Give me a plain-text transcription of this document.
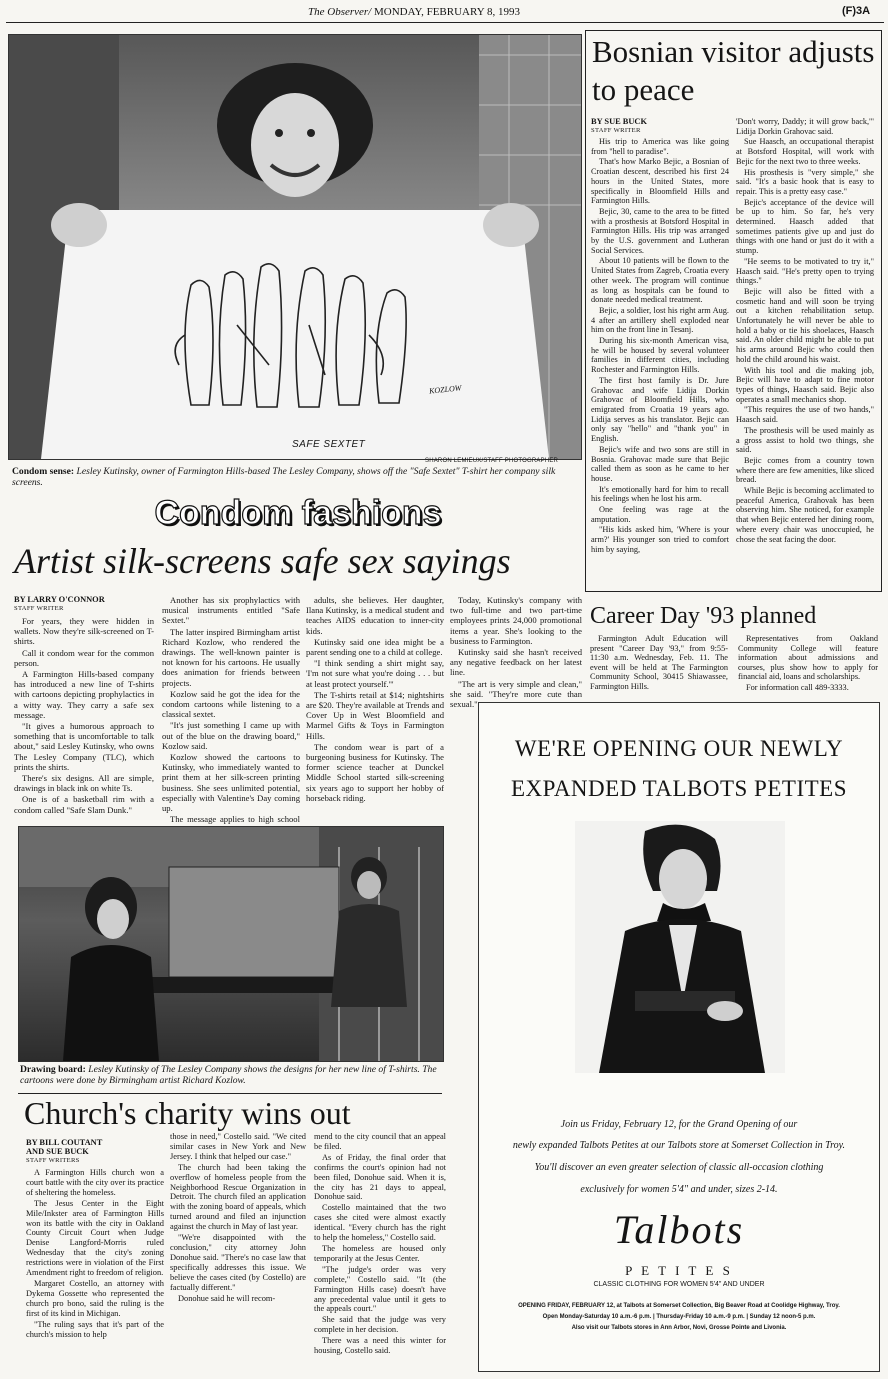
The Observer/ MONDAY, FEBRUARY 8, 1993	(F)3A
SAFE SEXTET
KOZLOW
SHARON LEMIEUX/STAFF PHOTOGRAPHER
Condom sense: Lesley Kutinsky, owner of Farmington Hills-based The Lesley Company, shows off the "Safe Sextet" T-shirt her company silk screens.
Condom fashions
Artist silk-screens safe sex sayings
BY LARRY O'CONNOR
STAFF WRITER

For years, they were hidden in wallets. Now they're silk-screened on T-shirts.

Call it condom wear for the common person.

A Farmington Hills-based company has introduced a new line of T-shirts with cartoons depicting prophylactics in a witty way. They carry a safe sex message.

"It gives a humorous approach to something that is uncomfortable to talk about," said Lesley Kutinsky, who owns The Lesley Company (TLC), which prints the shirts.

There's six designs. All are simple, drawings in black ink on white Ts.

One is of a basketball rim with a condom called "Safe Slam Dunk."

Another has six prophylactics with musical instruments entitled "Safe Sextet."

The latter inspired Birmingham artist Richard Kozlow, who rendered the drawings. The well-known painter is not known for his cartoons. He usually does animation for friends between projects.

Kozlow said he got the idea for the condom cartoons while listening to a classical sextet.

"It's just something I came up with out of the blue on the drawing board," Kozlow said.

Kozlow showed the cartoons to Kutinsky, who immediately wanted to print them at her silk-screen printing business. She sees unlimited potential, especially with Valentine's Day coming up.

The message applies to high school

adults, she believes. Her daughter, Ilana Kutinsky, is a medical student and teaches AIDS education to inner-city kids.

Kutinsky said one idea might be a parent sending one to a child at college.

"I think sending a shirt might say, 'I'm not sure what you're doing . . . but at least protect yourself.'"

The T-shirts retail at $14; nightshirts are $20. They're available at Trends and Cover Up in West Bloomfield and Marmel Gifts & Toys in Farmington Hills.

The condom wear is part of a burgeoning business for Kutinsky. The former science teacher at Dunckel Middle School started silk-screening six years ago to support her hobby of horseback riding.

Today, Kutinsky's company with two full-time and two part-time employees prints 24,000 promotional items a year. She's looking to the business to Farmington.

Kutinsky said she hasn't received any negative feedback on her latest line.

"The art is very simple and clean," she said. "They're more cute than sexual."

Drawing board: Lesley Kutinsky of The Lesley Company shows the designs for her new line of T-shirts. The cartoons were done by Birmingham artist Richard Kozlow.
Bosnian visitor adjusts to peace
BY SUE BUCK
STAFF WRITER

His trip to America was like going from "hell to paradise".

That's how Marko Bejic, a Bosnian of Croatian descent, described his first 24 hours in the United States, more specifically in Bloomfield Hills and Farmington Hills.

Bejic, 30, came to the area to be fitted with a prosthesis at Botsford Hospital in Farmington Hills. His trip was arranged by the U.S. government and Lutheran Social Services.

About 10 patients will be flown to the United States from Zagreb, Croatia every other week. The program will continue as long as hospitals can be found to donate needed medical treatment.

Bejic, a soldier, lost his right arm Aug. 4 after an artillery shell exploded near him on the front line in Tesanj.

During his six-month American visa, he will be housed by several volunteer families in different cities, including Rochester and Farmington Hills.

The first host family is Dr. Jure Grahovac and wife Lidija Dorkin Grahovac of Bloomfield Hills, who emigrated from Croatia 19 years ago. Lidija serves as his translator. Bejic can only say "hello" and "thank you" in English.

Bejic's wife and two sons are still in Bosnia. Grahovac made sure that Bejic called them as soon as he came to her house.

It's emotionally hard for him to recall his feelings when he lost his arm.

One feeling was rage at the amputation.

"His kids asked him, 'Where is your arm?' His younger son tried to comfort him by saying,

'Don't worry, Daddy; it will grow back,'" Lidija Dorkin Grahovac said.

Sue Haasch, an occupational therapist at Botsford Hospital, will work with Bejic for the next two to three weeks.

His prosthesis is "very simple," she said. "It's a basic hook that is easy to repair. This is a pretty easy case."

Bejic's acceptance of the device will be up to him. So far, he's very determined. Haasch added that sometimes patients give up and just do things with one hand or just do it with a stump.

"He seems to be motivated to try it," Haasch said. "He's pretty open to trying things."

Bejic will also be fitted with a cosmetic hand and will soon be trying out a kitchen rehabilitation setup. Unfortunately he will never be able to hold a baby or tie his shoelaces, Haasch said. An older child might be able to put his arms around Bejic who could then hold the child around his waist.

With his tool and die making job, Bejic will have to adapt to fine motor types of things, Haasch said. Bejic also operates a small mechanics shop.

"This requires the use of two hands," Haasch said.

The prosthesis will be used mainly as a gross assist to hold two things, she said.

Bejic comes from a country town where there are few amenities, like sliced bread.

While Bejic is becoming acclimated to peaceful America, Grahovak has been observing him. She noticed, for example that when Bejic entered her dining room, where every chair was unoccupied, he chose the seat facing the door.

Career Day '93 planned

Farmington Adult Education will present "Career Day '93," from 9:55-11:30 a.m. Wednesday, Feb. 11. The event will be held at The Farmington Community School, 30415 Shiawassee, Farmington Hills.

Representatives from Oakland Community College will feature information about admissions and courses, plus show how to apply for financial aid, loans and scholarships.

For information call 489-3333.

Church's charity wins out
BY BILL COUTANT
AND SUE BUCK
STAFF WRITERS

A Farmington Hills church won a court battle with the city over its practice of sheltering the homeless.

The Jesus Center in the Eight Mile/Inkster area of Farmington Hills won its battle with the city in Oakland County Circuit Court when Judge Denise Langford-Morris ruled Wednesday that the city's zoning restrictions were in violation of the First Amendment right to freedom of religion.

Margaret Costello, an attorney with Dykema Gossette who represented the church pro bono, said the ruling is the first of its kind in Michigan.

"The ruling says that it's part of the church's mission to help

those in need," Costello said. "We cited similar cases in New York and New Jersey. I think that helped our case."

The church had been taking the overflow of homeless people from the Neighborhood Rescue Organization in Detroit. The church filed an application with the zoning board of appeals, which turned around and filed an injunction against the church in May of last year.

"We're disappointed with the conclusion," city attorney John Donohue said. "There's no case law that specifically addresses this issue. We believe the cases cited (by Costello) are factually different."

Donohue said he will recom-

mend to the city council that an appeal be filed.

As of Friday, the final order that confirms the court's opinion had not been filed, Donohue said. When it is, the city has 21 days to appeal, Donohue said.

Costello maintained that the two cases she cited were almost exactly identical. "Every church has the right to help the homeless," Costello said.

The homeless are housed only temporarily at the Jesus Center.

"The judge's order was very complete," Costello said. "It (the Farmington Hills case) doesn't have any precedental value until it gets to the appeals court."

She said that the judge was very complete in her decision.

There was a need this winter for housing, Costello said.

WE'RE OPENING OUR NEWLY
EXPANDED TALBOTS PETITES
Join us Friday, February 12, for the Grand Opening of our
newly expanded Talbots Petites at our Talbots store at Somerset Collection in Troy.
You'll discover an even greater selection of classic all-occasion clothing
exclusively for women 5'4" and under, sizes 2-14.
Talbots
P E T I T E S
CLASSIC CLOTHING FOR WOMEN 5'4" AND UNDER
OPENING FRIDAY, FEBRUARY 12, at Talbots at Somerset Collection, Big Beaver Road at Coolidge Highway, Troy.
Open Monday-Saturday 10 a.m.-6 p.m. | Thursday-Friday 10 a.m.-9 p.m. | Sunday 12 noon-5 p.m.
Also visit our Talbots stores in Ann Arbor, Novi, Grosse Pointe and Livonia.
